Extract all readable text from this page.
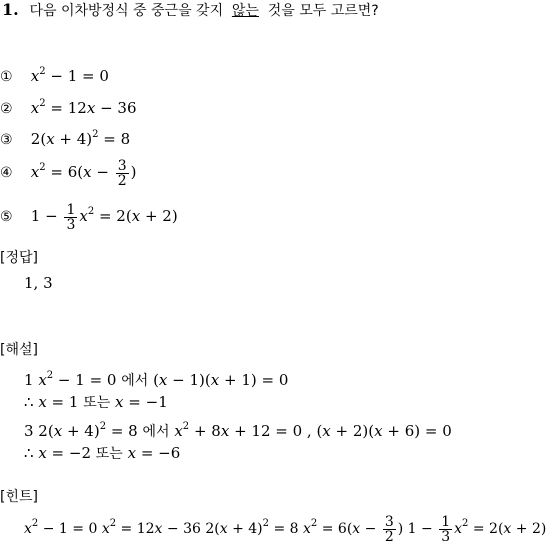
1. 다음 이차방정식 중 중근을 갖지 않는 것을 모두 고르면?
① $x^2 - 1 = 0$
② $x^2 = 12x - 36$
③ $2(x + 4)^2 = 8$
④ $x^2 = 6(x - \frac{3}{2}$ )
⑤ $1 - \frac{1}{3} x^2 = 2(x + 2)$
[정답]
1, 3
[해설]
1 $x^2 - 1 = 0$ 에서 (x − 1)(x + 1) = 0
∴ x = 1 또는 x = −1
3 $2(x + 4)^2 = 8$ 에서 $x^2 + 8x + 12 = 0$ , (x + 2)(x + 6) = 0
∴ x = −2 또는 x = −6
[힌트]
$x^2 - 1 = 0$ $x^2 = 12x - 36$ $2(x + 4)^2 = 8$ $x^2 = 6(x - \frac{3}{2}$ ) $1 - \frac{1}{3} x^2 = 2(x + 2)$
